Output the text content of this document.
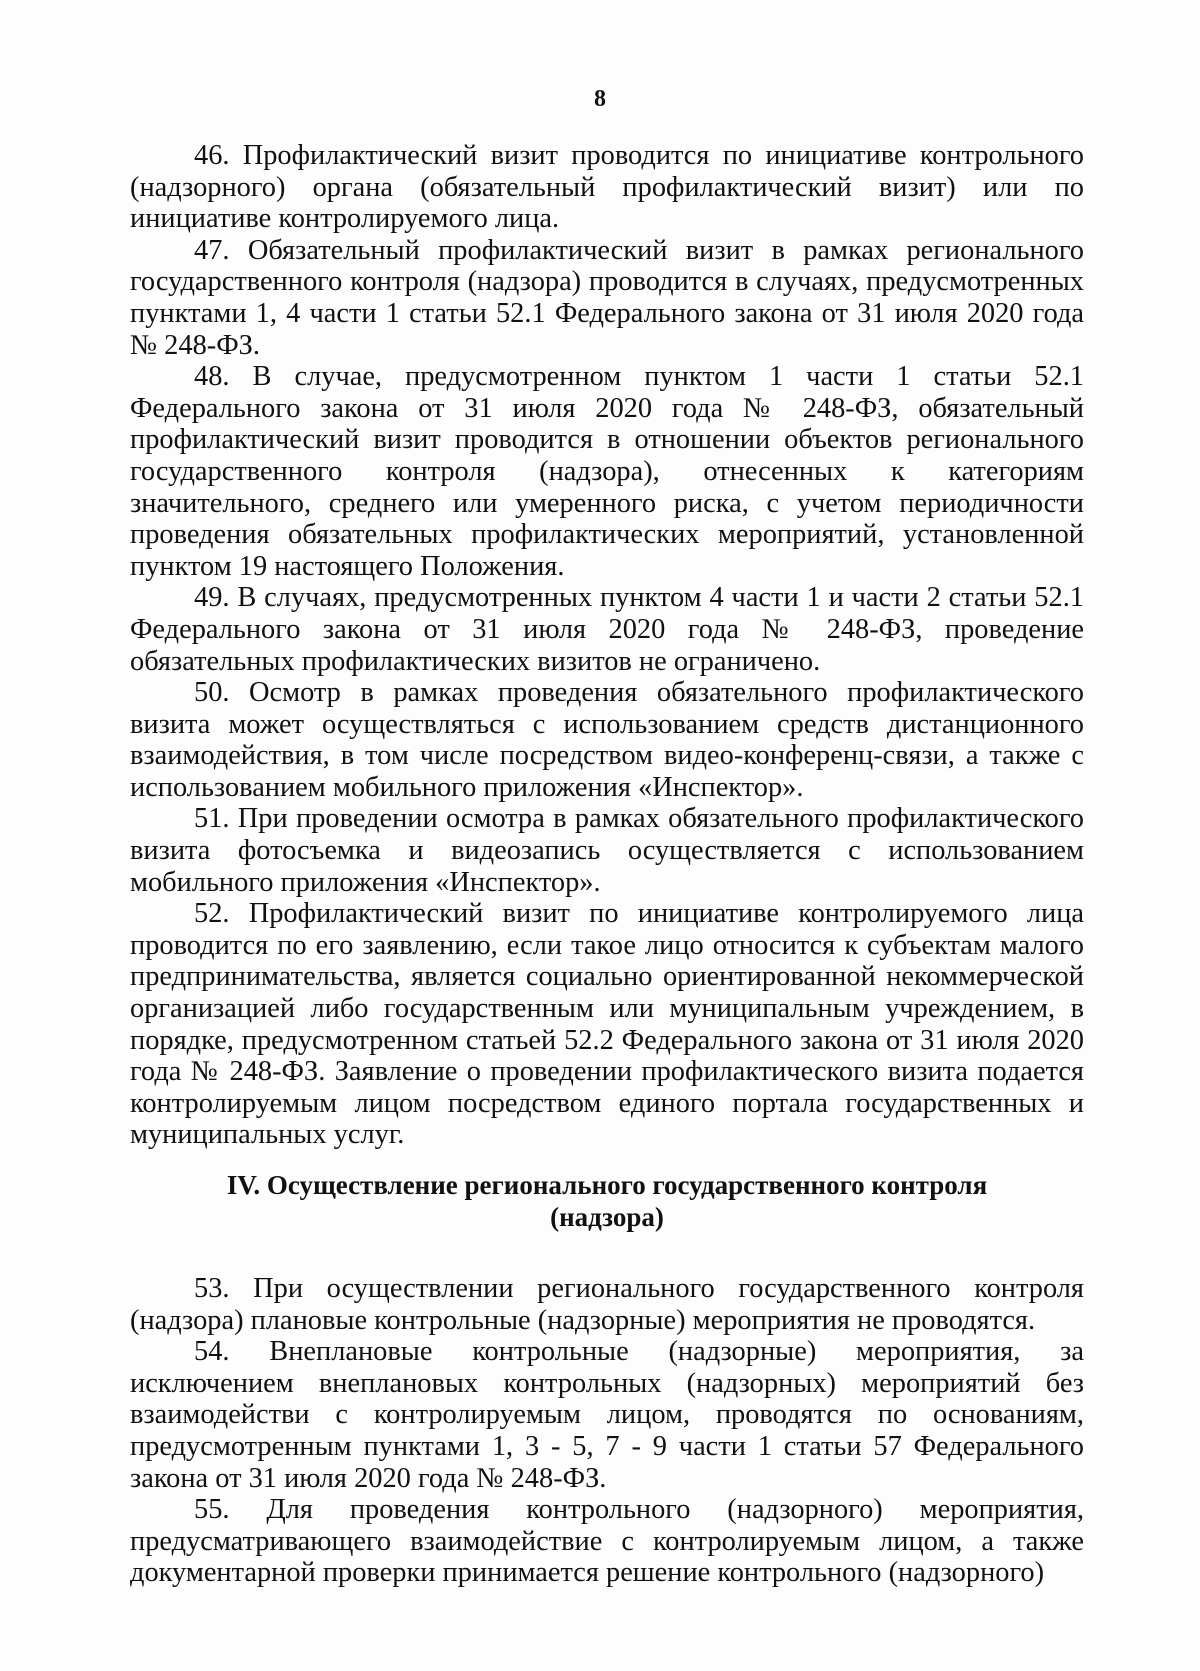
8

46. Профилактический визит проводится по инициативе контрольного (надзорного) органа (обязательный профилактический визит) или по инициативе контролируемого лица.

47. Обязательный профилактический визит в рамках регионального государственного контроля (надзора) проводится в случаях, предусмотренных пунктами 1, 4 части 1 статьи 52.1 Федерального закона от 31 июля 2020 года № 248-ФЗ.

48. В случае, предусмотренном пунктом 1 части 1 статьи 52.1 Федерального закона от 31 июля 2020 года № 248-ФЗ, обязательный профилактический визит проводится в отношении объектов регионального государственного контроля (надзора), отнесенных к категориям значительного, среднего или умеренного риска, с учетом периодичности проведения обязательных профилактических мероприятий, установленной пунктом 19 настоящего Положения.

49. В случаях, предусмотренных пунктом 4 части 1 и части 2 статьи 52.1 Федерального закона от 31 июля 2020 года № 248-ФЗ, проведение обязательных профилактических визитов не ограничено.

50. Осмотр в рамках проведения обязательного профилактического визита может осуществляться с использованием средств дистанционного взаимодействия, в том числе посредством видео-конференц-связи, а также с использованием мобильного приложения «Инспектор».

51. При проведении осмотра в рамках обязательного профилактического визита фотосъемка и видеозапись осуществляется с использованием мобильного приложения «Инспектор».

52. Профилактический визит по инициативе контролируемого лица проводится по его заявлению, если такое лицо относится к субъектам малого предпринимательства, является социально ориентированной некоммерческой организацией либо государственным или муниципальным учреждением, в порядке, предусмотренном статьей 52.2 Федерального закона от 31 июля 2020 года № 248-ФЗ. Заявление о проведении профилактического визита подается контролируемым лицом посредством единого портала государственных и муниципальных услуг.

IV. Осуществление регионального государственного контроля (надзора)

53. При осуществлении регионального государственного контроля (надзора) плановые контрольные (надзорные) мероприятия не проводятся.

54. Внеплановые контрольные (надзорные) мероприятия, за исключением внеплановых контрольных (надзорных) мероприятий без взаимодействи с контролируемым лицом, проводятся по основаниям, предусмотренным пунктами 1, 3 - 5, 7 - 9 части 1 статьи 57 Федерального закона от 31 июля 2020 года № 248-ФЗ.

55. Для проведения контрольного (надзорного) мероприятия, предусматривающего взаимодействие с контролируемым лицом, а также документарной проверки принимается решение контрольного (надзорного)
